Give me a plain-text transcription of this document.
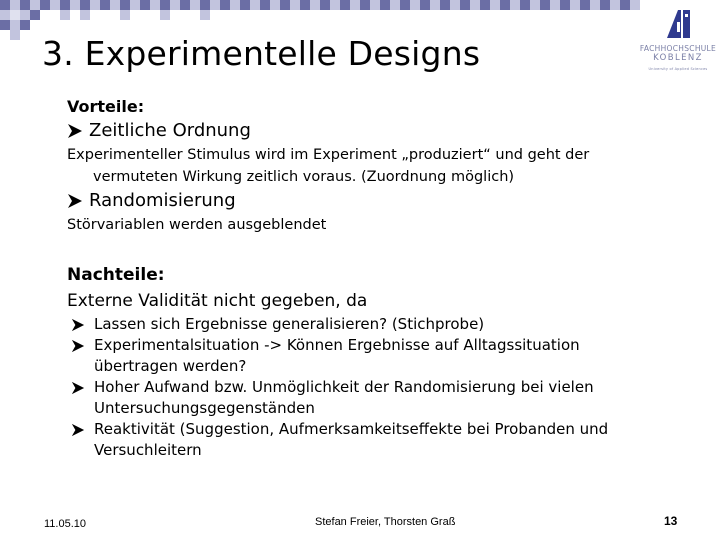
3. Experimentelle Designs	FACHHOCHSCHULE
KOBLENZ
University of Applied Sciences
Vorteile:
Zeitliche Ordnung
Experimenteller Stimulus wird im Experiment „produziert“ und geht der
vermuteten Wirkung zeitlich voraus. (Zuordnung möglich)
Randomisierung
Störvariablen werden ausgeblendet
Nachteile:
Externe Validität nicht gegeben, da
Lassen sich Ergebnisse generalisieren? (Stichprobe)
Experimentalsituation -> Können Ergebnisse auf Alltagssituation
übertragen werden?
Hoher Aufwand bzw. Unmöglichkeit der Randomisierung bei vielen
Untersuchungsgegenständen
Reaktivität (Suggestion, Aufmerksamkeitseffekte bei Probanden und
Versuchleitern
11.05.10	Stefan Freier, Thorsten Graß	13
